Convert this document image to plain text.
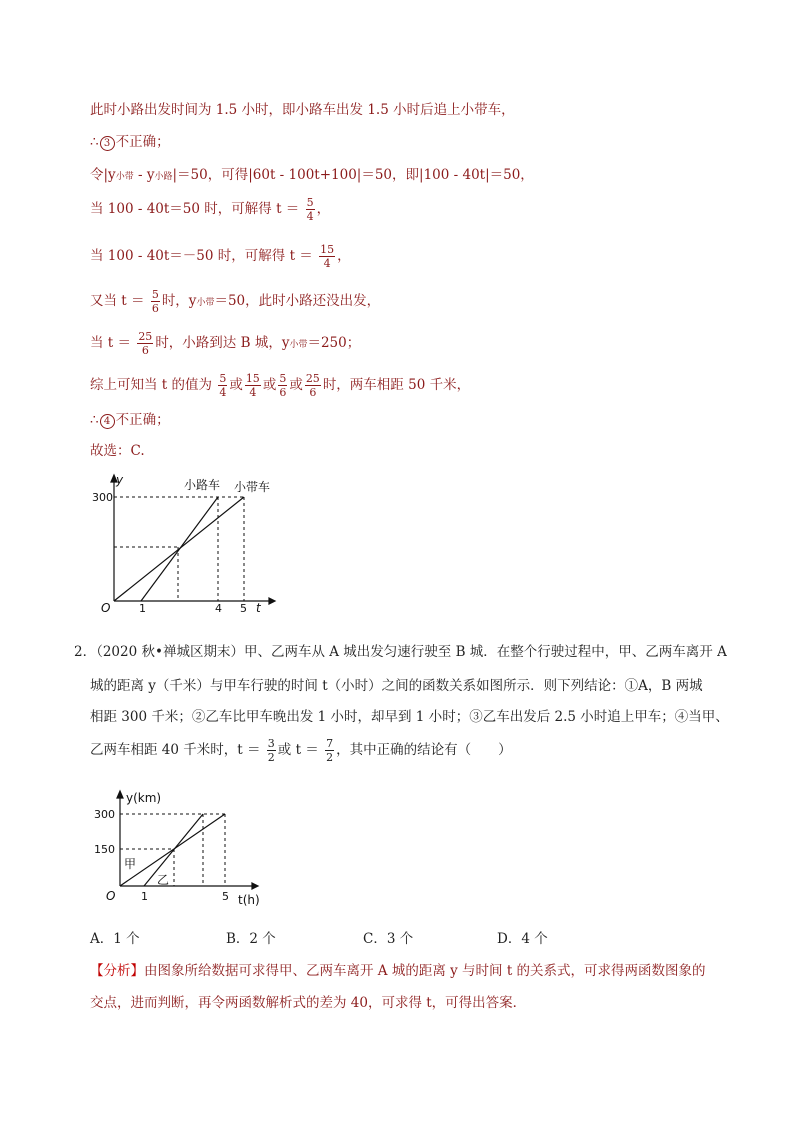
此时小路出发时间为 1.5 小时，即小路车出发 1.5 小时后追上小带车，
∴ 3 不正确；
令|y小带 - y小路|＝50，可得|60t - 100t+100|＝50，即|100 - 40t|＝50，
当 100 - 40t＝50 时，可解得 $t = \frac{5}{4}$ ，
当 100 - 40t＝－50 时，可解得 $t = \frac{15}{4}$ ，
又当 $t = \frac{5}{6}$ 时，y小带＝50，此时小路还没出发，
当 $t = \frac{25}{6}$ 时，小路到达 B 城，y小带＝250；
综上可知当 t 的值为 $\frac{5}{4}$ 或 $\frac{15}{4}$ 或 $\frac{5}{6}$ 或 $\frac{25}{6}$ 时，两车相距 50 千米，
∴ 4 不正确；
故选：C.
300
y
t
O	1	4 5
小路车 小带车
2．（2020 秋•禅城区期末）甲、乙两车从 A 城出发匀速行驶至 B 城．在整个行驶过程中，甲、乙两车离开 A
城的距离 y（千米）与甲车行驶的时间 t（小时）之间的函数关系如图所示．则下列结论：①A，B 两城
相距 300 千米；②乙车比甲车晚出发 1 小时，却早到 1 小时；③乙车出发后 2.5 小时追上甲车；④当甲、
乙两车相距 40 千米时，$t = \frac{3}{2}$ 或 $t = \frac{7}{2}$ ，其中正确的结论有（　　）
y(km)
t(h)
O
300
150
1	5
甲
乙
A．1 个	B．2 个	C．3 个	D．4 个
【分析】由图象所给数据可求得甲、乙两车离开 A 城的距离 y 与时间 t 的关系式，可求得两函数图象的
交点，进而判断，再令两函数解析式的差为 40，可求得 t，可得出答案．
